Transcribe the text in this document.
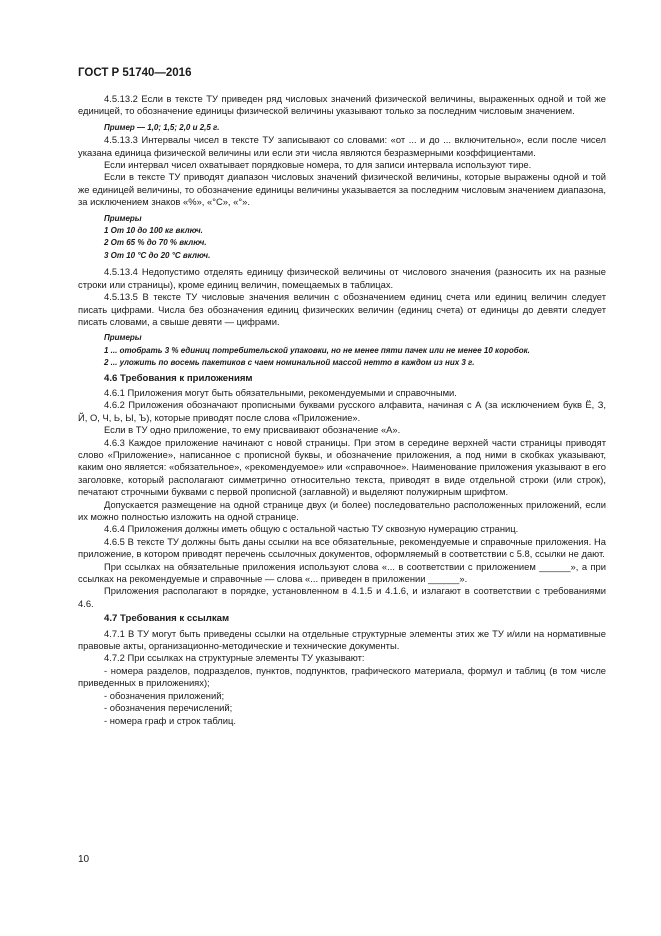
ГОСТ Р 51740—2016

4.5.13.2 Если в тексте ТУ приведен ряд числовых значений физической величины, выраженных одной и той же единицей, то обозначение единицы физической величины указывают только за последним числовым значением.

Пример — 1,0; 1,5; 2,0 и 2,5 г.

4.5.13.3 Интервалы чисел в тексте ТУ записывают со словами: «от ... и до ... включительно», если после чисел указана единица физической величины или если эти числа являются безразмерными коэффициентами.

Если интервал чисел охватывает порядковые номера, то для записи интервала используют тире.

Если в тексте ТУ приводят диапазон числовых значений физической величины, которые выражены одной и той же единицей величины, то обозначение единицы величины указывается за последним числовым значением диапазона, за исключением знаков «%», «°С», «°».

Примеры

1 От 10 до 100 кг включ.

2 От 65 % до 70 % включ.

3 От 10 °С до 20 °С включ.

4.5.13.4 Недопустимо отделять единицу физической величины от числового значения (разносить их на разные строки или страницы), кроме единиц величин, помещаемых в таблицах.

4.5.13.5 В тексте ТУ числовые значения величин с обозначением единиц счета или единиц величин следует писать цифрами. Числа без обозначения единиц физических величин (единиц счета) от единицы до девяти следует писать словами, а свыше девяти — цифрами.

Примеры

1 ... отобрать 3 % единиц потребительской упаковки, но не менее пяти пачек или не менее 10 коробок.

2 ... уложить по восемь пакетиков с чаем номинальной массой нетто в каждом из них 3 г.

4.6 Требования к приложениям

4.6.1 Приложения могут быть обязательными, рекомендуемыми и справочными.

4.6.2 Приложения обозначают прописными буквами русского алфавита, начиная с А (за исключением букв Ё, З, Й, О, Ч, Ь, Ы, Ъ), которые приводят после слова «Приложение».

Если в ТУ одно приложение, то ему присваивают обозначение «А».

4.6.3 Каждое приложение начинают с новой страницы. При этом в середине верхней части страницы приводят слово «Приложение», написанное с прописной буквы, и обозначение приложения, а под ними в скобках указывают, каким оно является: «обязательное», «рекомендуемое» или «справочное». Наименование приложения указывают в его заголовке, который располагают симметрично относительно текста, приводят в виде отдельной строки (или строк), печатают строчными буквами с первой прописной (заглавной) и выделяют полужирным шрифтом.

Допускается размещение на одной странице двух (и более) последовательно расположенных приложений, если их можно полностью изложить на одной странице.

4.6.4 Приложения должны иметь общую с остальной частью ТУ сквозную нумерацию страниц.

4.6.5 В тексте ТУ должны быть даны ссылки на все обязательные, рекомендуемые и справочные приложения. На приложение, в котором приводят перечень ссылочных документов, оформляемый в соответствии с 5.8, ссылки не дают.

При ссылках на обязательные приложения используют слова «... в соответствии с приложением ______», а при ссылках на рекомендуемые и справочные — слова «... приведен в приложении ______».

Приложения располагают в порядке, установленном в 4.1.5 и 4.1.6, и излагают в соответствии с требованиями 4.6.

4.7 Требования к ссылкам

4.7.1 В ТУ могут быть приведены ссылки на отдельные структурные элементы этих же ТУ и/или на нормативные правовые акты, организационно-методические и технические документы.

4.7.2 При ссылках на структурные элементы ТУ указывают:

- номера разделов, подразделов, пунктов, подпунктов, графического материала, формул и таблиц (в том числе приведенных в приложениях);

- обозначения приложений;

- обозначения перечислений;

- номера граф и строк таблиц.

10
